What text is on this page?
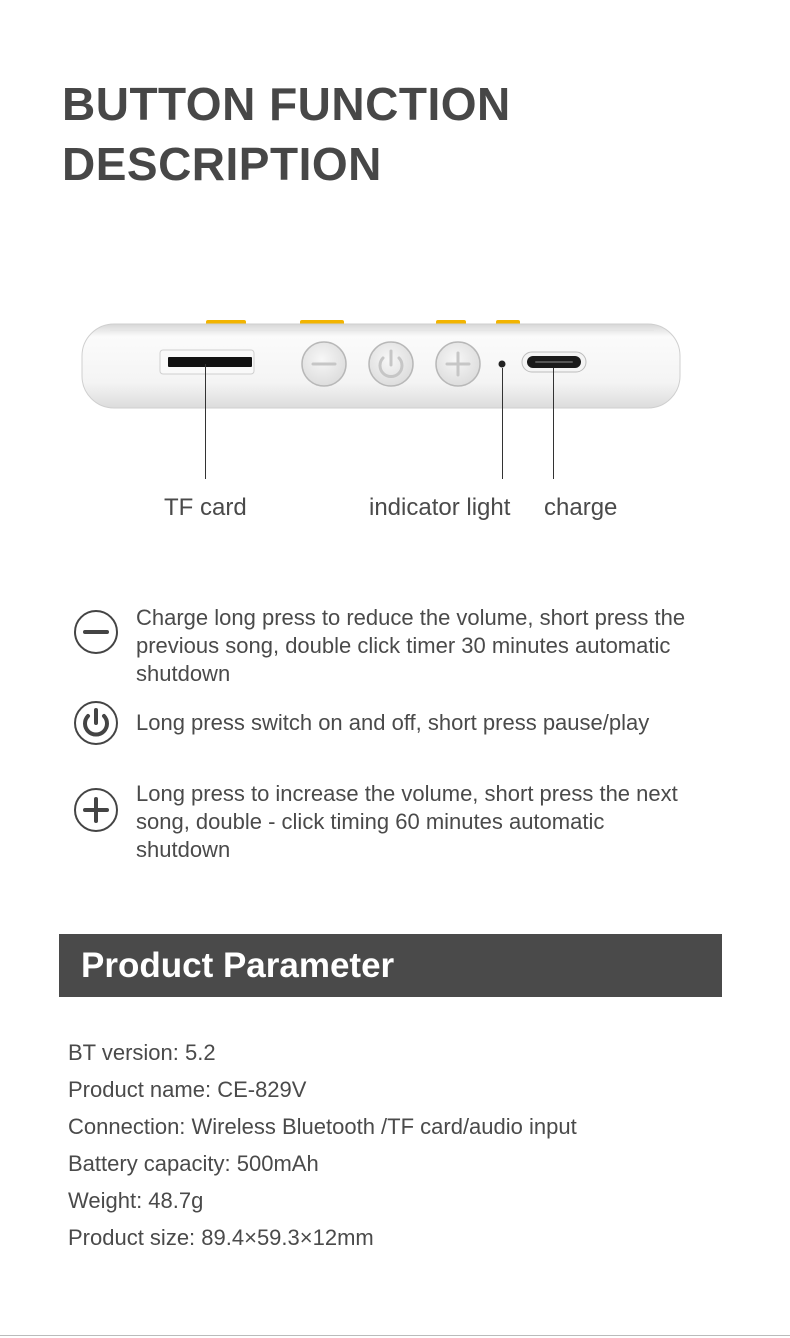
BUTTON FUNCTION
DESCRIPTION
TF card	indicator light charge
Charge long press to reduce the volume, short press the previous song, double click timer 30 minutes automatic shutdown
Long press switch on and off, short press pause/play
Long press to increase the volume, short press the next song, double - click timing 60 minutes automatic shutdown
Product Parameter
BT version: 5.2
Product name: CE-829V
Connection: Wireless Bluetooth /TF card/audio input
Battery capacity: 500mAh
Weight: 48.7g
Product size: 89.4×59.3×12mm
